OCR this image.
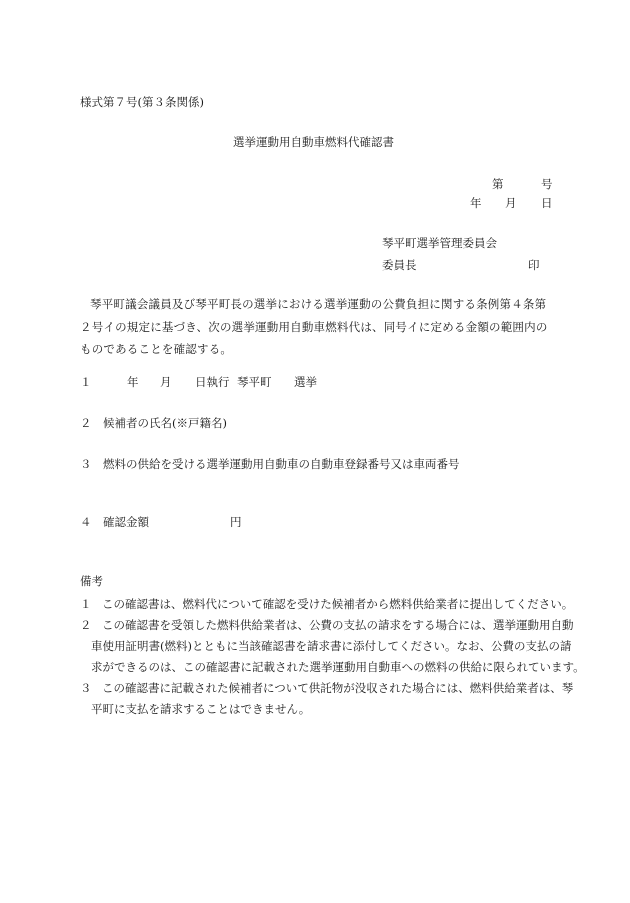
様式第７号(第３条関係)
選挙運動用自動車燃料代確認書
第	号
年 月 日
琴平町選挙管理委員会
委員長	印
琴平町議会議員及び琴平町長の選挙における選挙運動の公費負担に関する条例第４条第２号イの規定に基づき、次の選挙運動用自動車燃料代は、同号イに定める金額の範囲内のものであることを確認する。
１	年 月 日執行 琴平町 選挙
２ 候補者の氏名(※戸籍名)
３ 燃料の供給を受ける選挙運動用自動車の自動車登録番号又は車両番号
４ 確認金額	円
備考
１ この確認書は、燃料代について確認を受けた候補者から燃料供給業者に提出してください。
２ この確認書を受領した燃料供給業者は、公費の支払の請求をする場合には、選挙運動用自動
車使用証明書(燃料)とともに当該確認書を請求書に添付してください。なお、公費の支払の請
求ができるのは、この確認書に記載された選挙運動用自動車への燃料の供給に限られています。
３ この確認書に記載された候補者について供託物が没収された場合には、燃料供給業者は、琴
平町に支払を請求することはできません。
